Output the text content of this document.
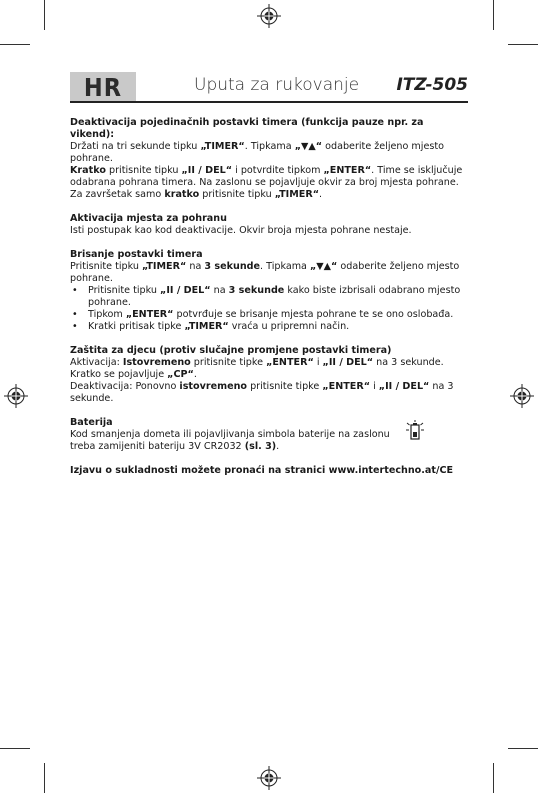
HR	Uputa za rukovanje ITZ-505

Deaktivacija pojedinačnih postavki timera (funkcija pauze npr. za vikend):

Držati na tri sekunde tipku „TIMER“. Tipkama „▼▲“ odaberite željeno mjesto pohrane.

Kratko pritisnite tipku „II / DEL“ i potvrdite tipkom „ENTER“. Time se isključuje odabrana pohrana timera. Na zaslonu se pojavljuje okvir za broj mjesta pohrane.

Za završetak samo kratko pritisnite tipku „TIMER“.

Aktivacija mjesta za pohranu

Isti postupak kao kod deaktivacije. Okvir broja mjesta pohrane nestaje.

Brisanje postavki timera

Pritisnite tipku „TIMER“ na 3 sekunde. Tipkama „▼▲“ odaberite željeno mjesto pohrane.

• Pritisnite tipku „II / DEL“ na 3 sekunde kako biste izbrisali odabrano mjesto pohrane.
• Tipkom „ENTER“ potvrđuje se brisanje mjesta pohrane te se ono oslobađa.
• Kratki pritisak tipke „TIMER“ vraća u pripremni način.

Zaštita za djecu (protiv slučajne promjene postavki timera)

Aktivacija: Istovremeno pritisnite tipke „ENTER“ i „II / DEL“ na 3 sekunde.

Kratko se pojavljuje „CP“.

Deaktivacija: Ponovno istovremeno pritisnite tipke „ENTER“ i „II / DEL“ na 3 sekunde.

Baterija

Kod smanjenja dometa ili pojavljivanja simbola baterije na zaslonu

treba zamijeniti bateriju 3V CR2032 (sl. 3).

Izjavu o sukladnosti možete pronaći na stranici www.intertechno.at/CE
